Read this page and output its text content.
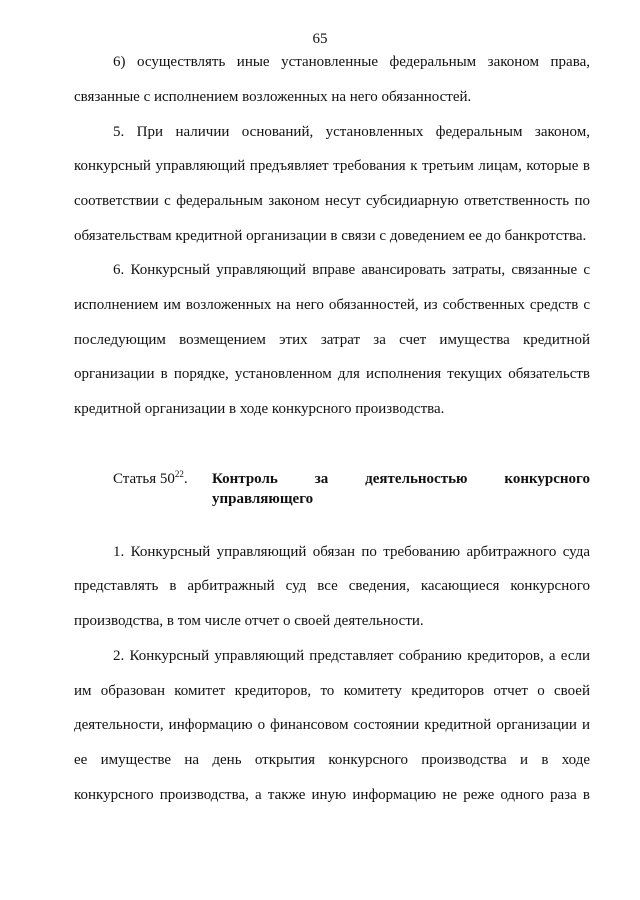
65
6) осуществлять иные установленные федеральным законом права,
связанные с исполнением возложенных на него обязанностей.
5. При наличии оснований, установленных федеральным законом,
конкурсный управляющий предъявляет требования к третьим лицам, которые в
соответствии с федеральным законом несут субсидиарную ответственность по
обязательствам кредитной организации в связи с доведением ее до банкротства.
6. Конкурсный управляющий вправе авансировать затраты, связанные с
исполнением им возложенных на него обязанностей, из собственных средств с
последующим возмещением этих затрат за счет имущества кредитной
организации в порядке, установленном для исполнения текущих обязательств
кредитной организации в ходе конкурсного производства.
Статья $50^{22}$. Контроль за деятельностью конкурсного
управляющего
1. Конкурсный управляющий обязан по требованию арбитражного суда
представлять в арбитражный суд все сведения, касающиеся конкурсного
производства, в том числе отчет о своей деятельности.
2. Конкурсный управляющий представляет собранию кредиторов, а если
им образован комитет кредиторов, то комитету кредиторов отчет о своей
деятельности, информацию о финансовом состоянии кредитной организации и
ее имуществе на день открытия конкурсного производства и в ходе
конкурсного производства, а также иную информацию не реже одного раза в
